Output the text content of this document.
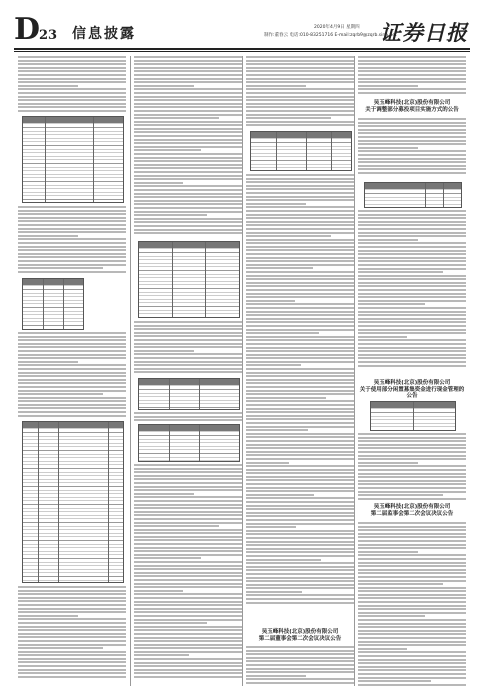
D23 信息披露	2020年4月9日 星期四
制作:董春云 电话:010-83251716 E-mail:zqrb9@zqrb.sina.net
证券日报
吴玉峰科技(北京)股份有限公司
第二届董事会第二次会议决议公告
吴玉峰科技(北京)股份有限公司
关于调整部分募投项目实施方式的公告
吴玉峰科技(北京)股份有限公司
关于使用部分闲置募集资金进行现金管理的公告
吴玉峰科技(北京)股份有限公司
第二届监事会第二次会议决议公告
